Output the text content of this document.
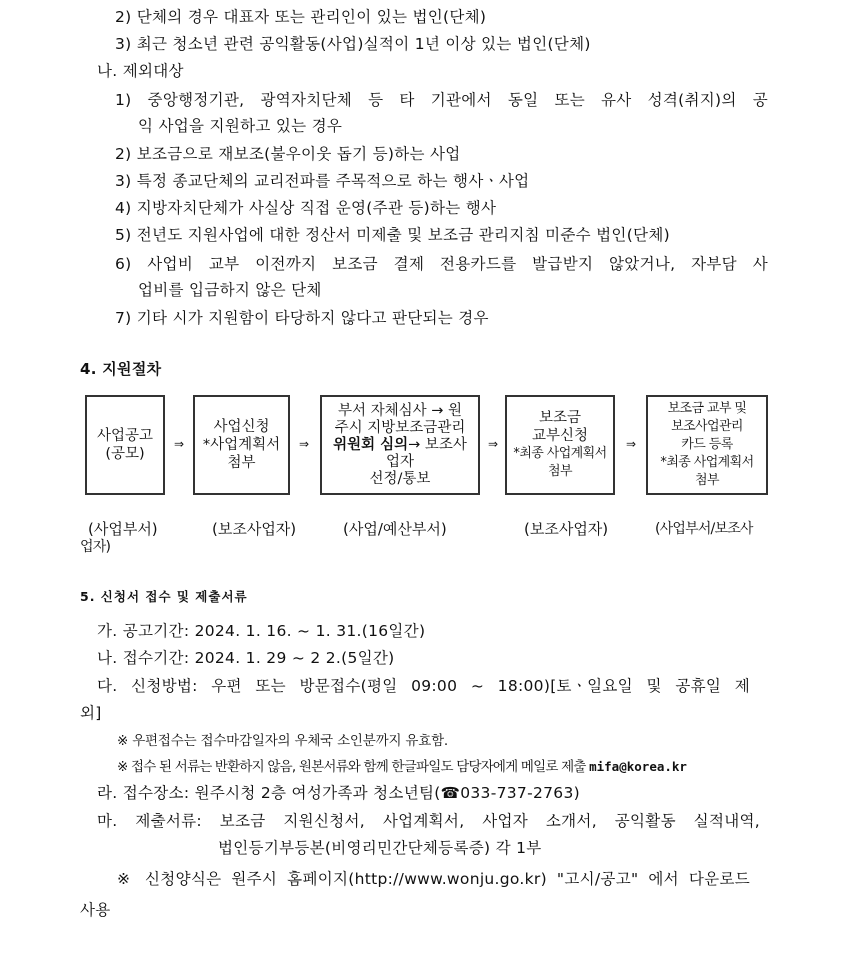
2) 단체의 경우 대표자 또는 관리인이 있는 법인(단체)
3) 최근 청소년 관련 공익활동(사업)실적이 1년 이상 있는 법인(단체)
나. 제외대상
1) 중앙행정기관, 광역자치단체 등 타 기관에서 동일 또는 유사 성격(취지)의 공
익 사업을 지원하고 있는 경우
2) 보조금으로 재보조(불우이웃 돕기 등)하는 사업
3) 특정 종교단체의 교리전파를 주목적으로 하는 행사ㆍ사업
4) 지방자치단체가 사실상 직접 운영(주관 등)하는 행사
5) 전년도 지원사업에 대한 정산서 미제출 및 보조금 관리지침 미준수 법인(단체)
6) 사업비 교부 이전까지 보조금 결제 전용카드를 발급받지 않았거나, 자부담 사
업비를 입금하지 않은 단체
7) 기타 시가 지원함이 타당하지 않다고 판단되는 경우
4. 지원절차
사업공고
(공모)
⇒
사업신청
*사업계획서
첨부
⇒
부서 자체심사 → 원
주시 지방보조금관리
위원회 심의→ 보조사
업자
선정/통보
⇒
보조금
교부신청
*최종 사업계획서
첨부
⇒
보조금 교부 및
보조사업관리
카드 등록
*최종 사업계획서
첨부
(사업부서)	(보조사업자)	(사업/예산부서)	(보조사업자)	(사업부서/보조사
업자)
5. 신청서 접수 및 제출서류
가. 공고기간: 2024. 1. 16. ~ 1. 31.(16일간)
나. 접수기간: 2024. 1. 29 ~ 2 2.(5일간)
다. 신청방법: 우편 또는 방문접수(평일 09:00 ~ 18:00)[토ㆍ일요일 및 공휴일 제
외]
※ 우편접수는 접수마감일자의 우체국 소인분까지 유효함.
※ 접수 된 서류는 반환하지 않음, 원본서류와 함께 한글파일도 담당자에게 메일로 제출 mifa@korea.kr
라. 접수장소: 원주시청 2층 여성가족과 청소년팀(☎033-737-2763)
마. 제출서류: 보조금 지원신청서, 사업계획서, 사업자 소개서, 공익활동 실적내역,
법인등기부등본(비영리민간단체등록증) 각 1부
※ 신청양식은 원주시 홈페이지(http://www.wonju.go.kr) "고시/공고" 에서 다운로드
사용
